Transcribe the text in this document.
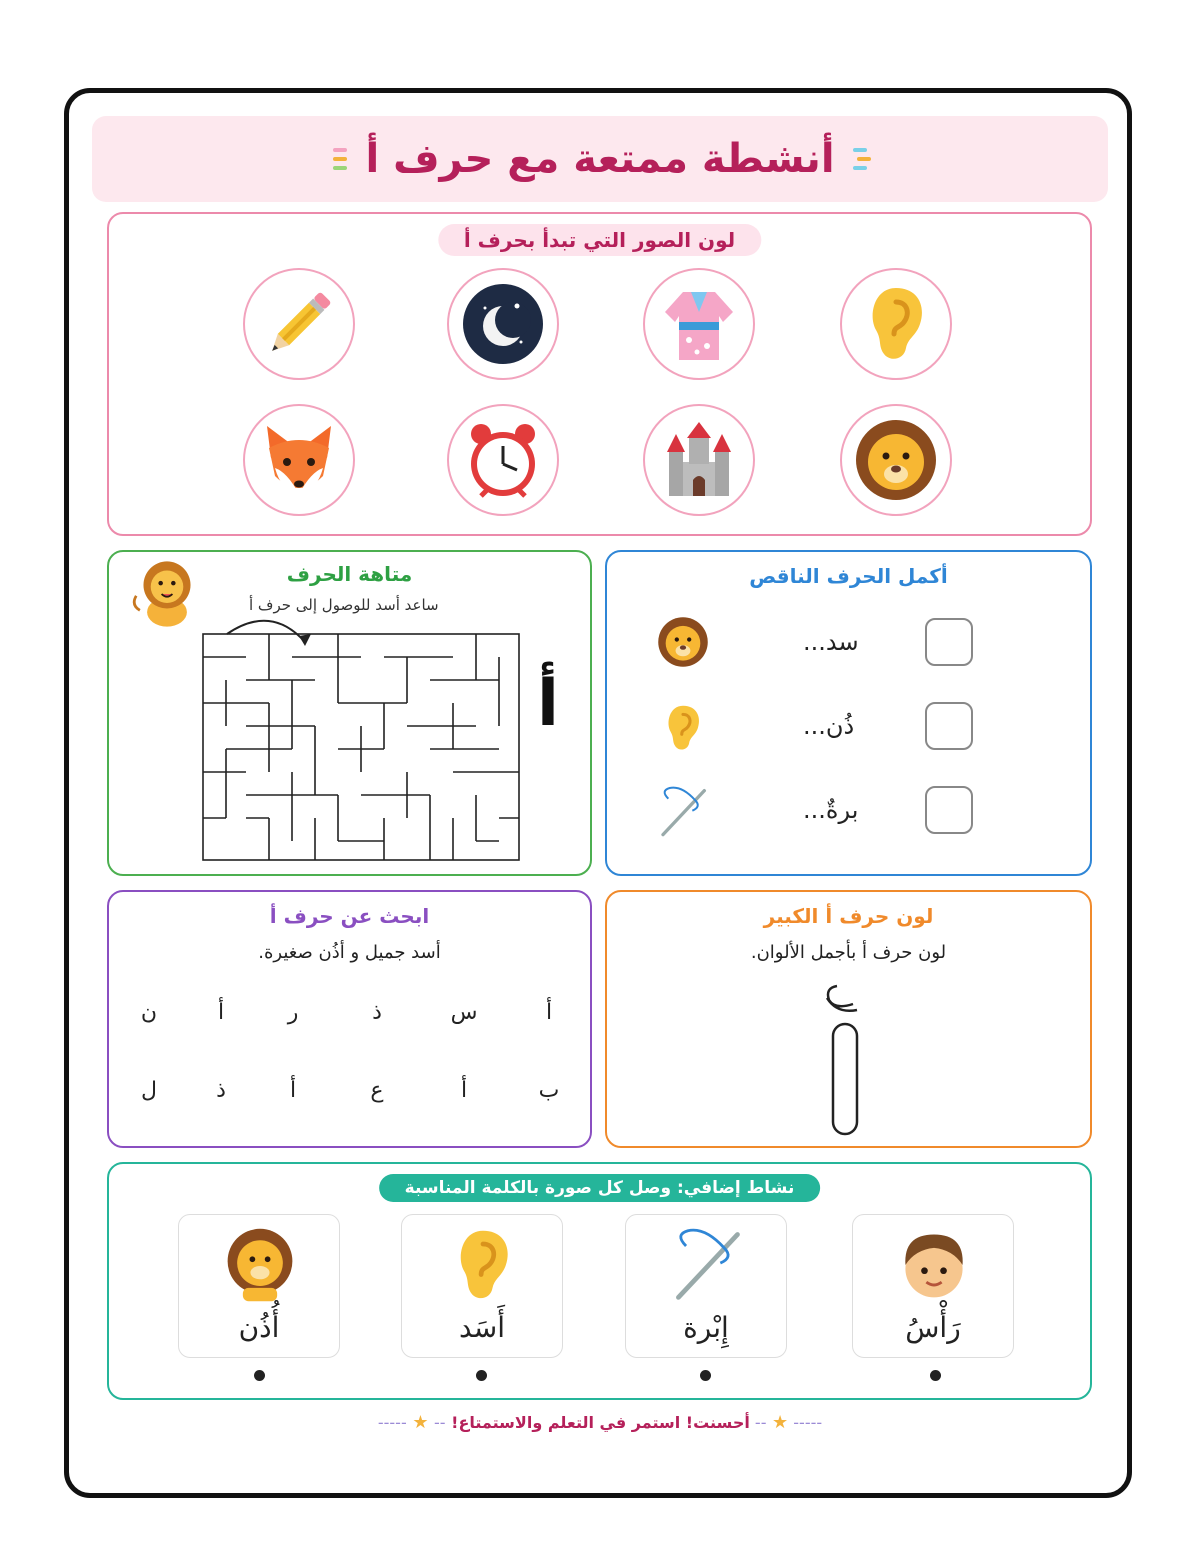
أنشطة ممتعة مع حرف أ
لون الصور التي تبدأ بحرف أ
متاهة الحرف
ساعد أسد للوصول إلى حرف أ
أ
أكمل الحرف الناقص
سد...
ذُن...
برةٌ...
ابحث عن حرف أ
أسد جميل و أذُن صغيرة.
أ
س
ذ
ر
أ
ن
ب
أ
ع
أ
ذ
ل
لون حرف أ الكبير
لون حرف أ بأجمل الألوان.
نشاط إضافي: وصل كل صورة بالكلمة المناسبة
رَأْسُ
إِبْرة
أَسَد
أُذُن
----- ★ -- أحسنت! استمر في التعلم والاستمتاع! -- ★ -----
